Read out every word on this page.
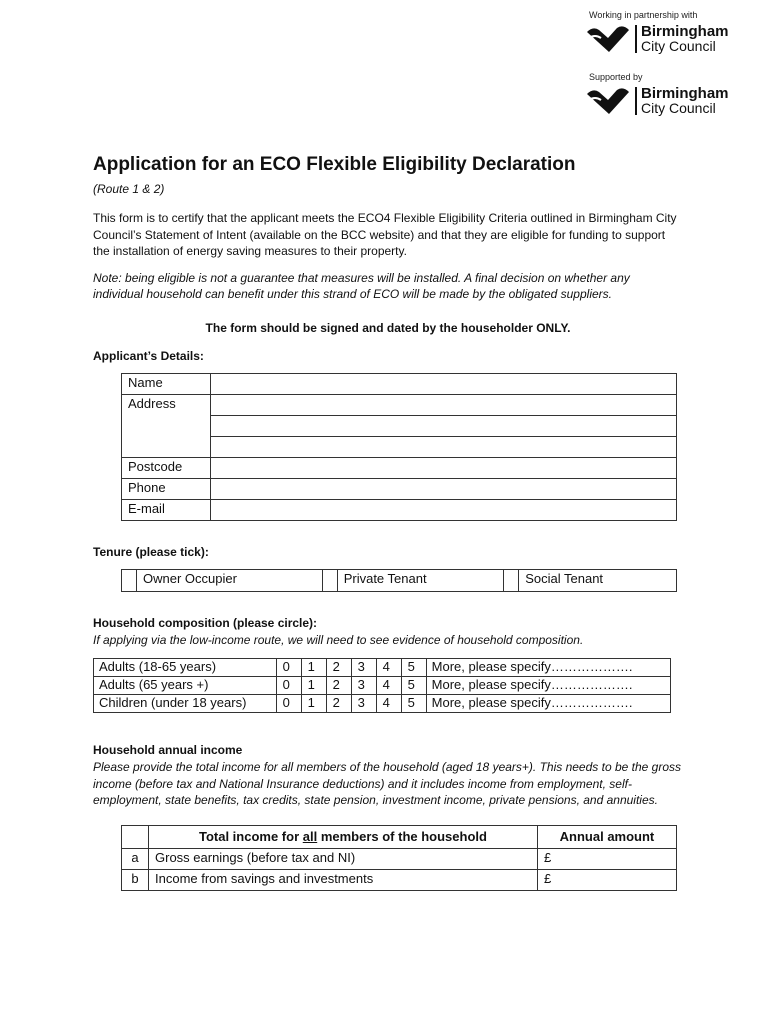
Working in partnership with
Birmingham
City Council
Supported by
Birmingham
City Council
Application for an ECO Flexible Eligibility Declaration
(Route 1 & 2)

This form is to certify that the applicant meets the ECO4 Flexible Eligibility Criteria outlined in Birmingham City Council’s Statement of Intent (available on the BCC website) and that they are eligible for funding to support the installation of energy saving measures to their property.

Note: being eligible is not a guarantee that measures will be installed. A final decision on whether any individual household can benefit under this strand of ECO will be made by the obligated suppliers.

The form should be signed and dated by the householder ONLY.
Applicant’s Details:
Name	
Address	

Postcode	
Phone	
E-mail	
Tenure (please tick):
	Owner Occupier		Private Tenant		Social Tenant
Household composition (please circle):

If applying via the low-income route, we will need to see evidence of household composition.

Adults (18-65 years)	0	1	2	3	4	5	More, please specify……………….
Adults (65 years +)	0	1	2	3	4	5	More, please specify……………….
Children (under 18 years)	0	1	2	3	4	5	More, please specify……………….
Household annual income

Please provide the total income for all members of the household (aged 18 years+). This needs to be the gross income (before tax and National Insurance deductions) and it includes income from employment, self-employment, state benefits, tax credits, state pension, investment income, private pensions, and annuities.

	Total income for all members of the household	Annual amount
a	Gross earnings (before tax and NI)	£
b	Income from savings and investments	£
